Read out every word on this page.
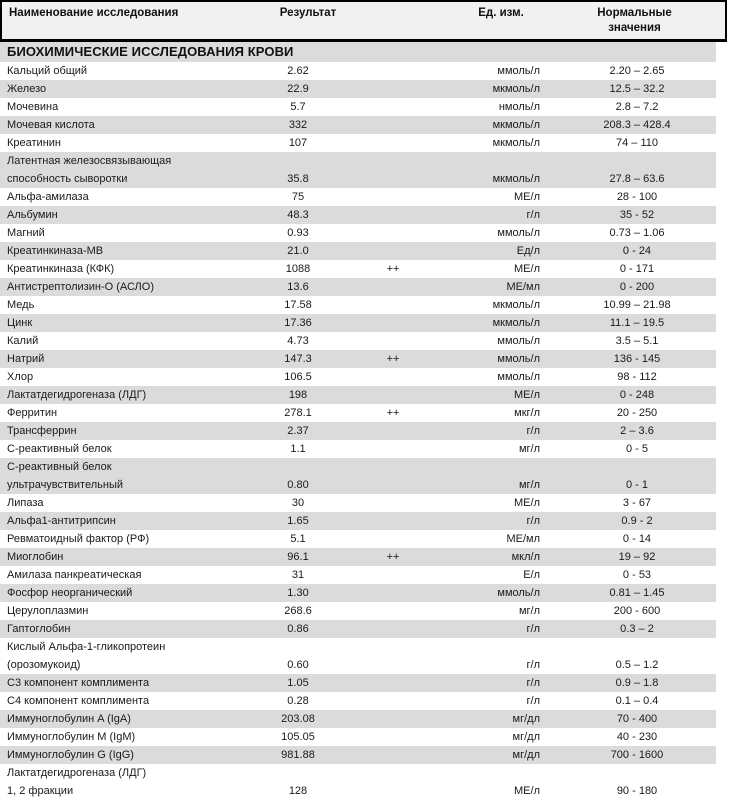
Наименование исследования	Результат	Ед. изм.	Нормальные значения
БИОХИМИЧЕСКИЕ ИССЛЕДОВАНИЯ КРОВИ
Кальций общий	2.62	ммоль/л	2.20 – 2.65
Железо	22.9	мкмоль/л	12.5 – 32.2
Мочевина	5.7	нмоль/л	2.8 – 7.2
Мочевая кислота	332	мкмоль/л	208.3 – 428.4
Креатинин	107	мкмоль/л	74 – 110
Латентная железосвязывающая
способность сыворотки	35.8	мкмоль/л	27.8 – 63.6
Альфа-амилаза	75	МЕ/л	28 - 100
Альбумин	48.3	г/л	35 - 52
Магний	0.93	ммоль/л	0.73 – 1.06
Креатинкиназа-МВ	21.0	Ед/л	0 - 24
Креатинкиназа (КФК)	1088	++	МЕ/л	0 - 171
Антистрептолизин-О (АСЛО)	13.6	МЕ/мл	0 - 200
Медь	17.58	мкмоль/л	10.99 – 21.98
Цинк	17.36	мкмоль/л	11.1 – 19.5
Калий	4.73	ммоль/л	3.5 – 5.1
Натрий	147.3	++	ммоль/л	136 - 145
Хлор	106.5	ммоль/л	98 - 112
Лактатдегидрогеназа (ЛДГ)	198	МЕ/л	0 - 248
Ферритин	278.1	++	мкг/л	20 - 250
Трансферрин	2.37	г/л	2 – 3.6
С-реактивный белок	1.1	мг/л	0 - 5
С-реактивный белок
ультрачувствительный	0.80	мг/л	0 - 1
Липаза	30	МЕ/л	3 - 67
Альфа1-антитрипсин	1.65	г/л	0.9 - 2
Ревматоидный фактор (РФ)	5.1	МЕ/мл	0 - 14
Миоглобин	96.1	++	мкл/л	19 – 92
Амилаза панкреатическая	31	Е/л	0 - 53
Фосфор неорганический	1.30	ммоль/л	0.81 – 1.45
Церулоплазмин	268.6	мг/л	200 - 600
Гаптоглобин	0.86	г/л	0.3 – 2
Кислый Альфа-1-гликопротеин
(орозомукоид)	0.60	г/л	0.5 – 1.2
С3 компонент комплимента	1.05	г/л	0.9 – 1.8
С4 компонент комплимента	0.28	г/л	0.1 – 0.4
Иммуноглобулин A (IgA)	203.08	мг/дл	70 - 400
Иммуноглобулин M (IgM)	105.05	мг/дл	40 - 230
Иммуноглобулин G (IgG)	981.88	мг/дл	700 - 1600
Лактатдегидрогеназа (ЛДГ)
1, 2 фракции	128	МЕ/л	90 - 180
